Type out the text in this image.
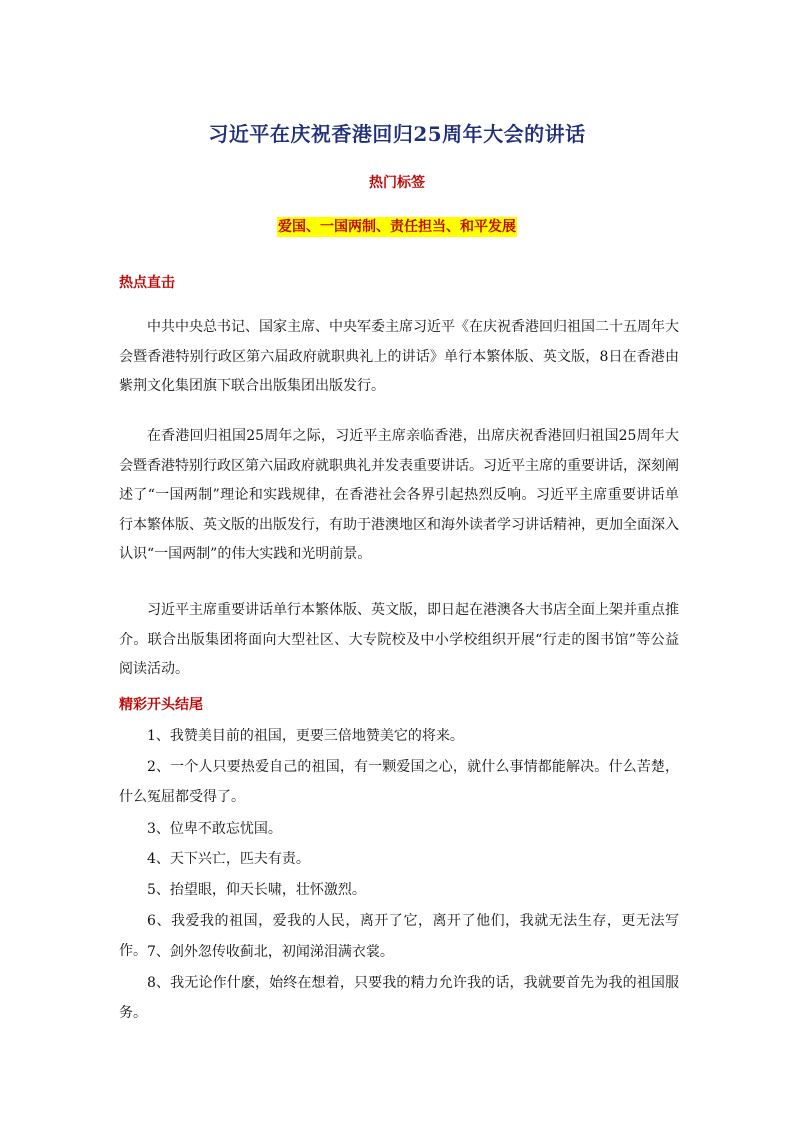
习近平在庆祝香港回归25周年大会的讲话
热门标签
爱国、一国两制、责任担当、和平发展
热点直击
中共中央总书记、国家主席、中央军委主席习近平《在庆祝香港回归祖国二十五周年大会暨香港特别行政区第六届政府就职典礼上的讲话》单行本繁体版、英文版，8日在香港由紫荆文化集团旗下联合出版集团出版发行。
在香港回归祖国25周年之际，习近平主席亲临香港，出席庆祝香港回归祖国25周年大会暨香港特别行政区第六届政府就职典礼并发表重要讲话。习近平主席的重要讲话，深刻阐述了“一国两制”理论和实践规律，在香港社会各界引起热烈反响。习近平主席重要讲话单行本繁体版、英文版的出版发行，有助于港澳地区和海外读者学习讲话精神，更加全面深入认识“一国两制”的伟大实践和光明前景。
习近平主席重要讲话单行本繁体版、英文版，即日起在港澳各大书店全面上架并重点推介。联合出版集团将面向大型社区、大专院校及中小学校组织开展“行走的图书馆”等公益阅读活动。
精彩开头结尾
1、我赞美目前的祖国，更要三倍地赞美它的将来。
2、一个人只要热爱自己的祖国，有一颗爱国之心，就什么事情都能解决。什么苦楚，什么冤屈都受得了。
3、位卑不敢忘忧国。
4、天下兴亡，匹夫有责。
5、抬望眼，仰天长啸，壮怀激烈。
6、我爱我的祖国，爱我的人民，离开了它，离开了他们，我就无法生存，更无法写作。 7、剑外忽传收蓟北，初闻涕泪满衣裳。
8、我无论作什麽，始终在想着，只要我的精力允许我的话，我就要首先为我的祖国服务。
